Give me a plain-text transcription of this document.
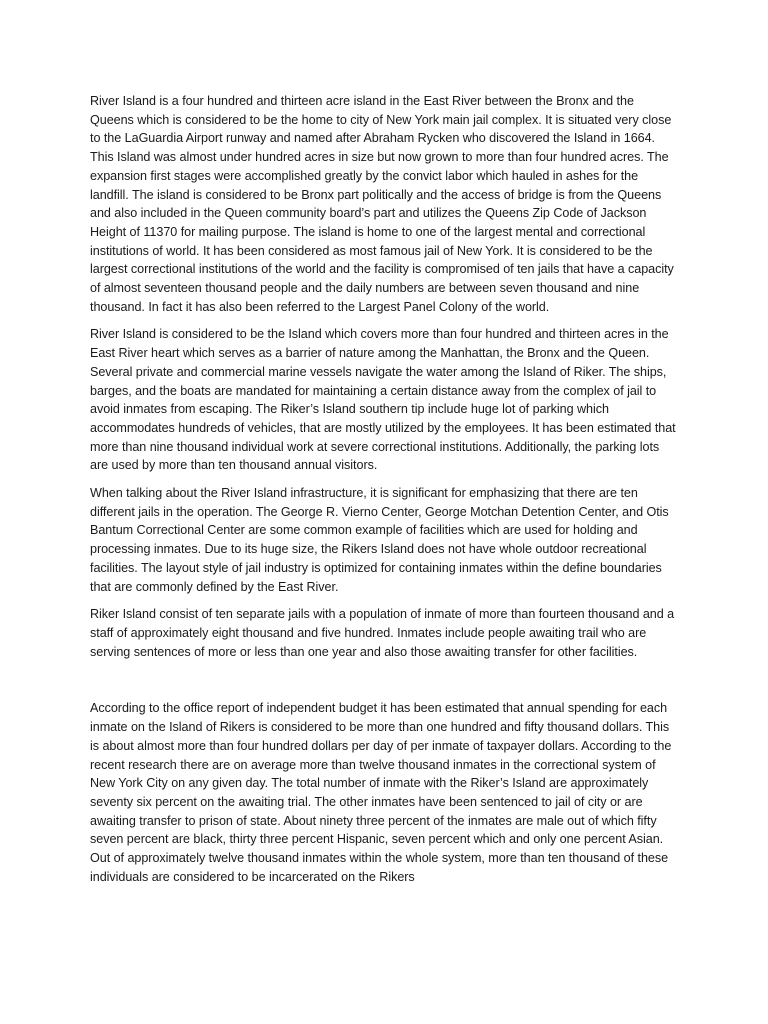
River Island is a four hundred and thirteen acre island in the East River between the Bronx and the Queens which is considered to be the home to city of New York main jail complex. It is situated very close to the LaGuardia Airport runway and named after Abraham Rycken who discovered the Island in 1664. This Island was almost under hundred acres in size but now grown to more than four hundred acres. The expansion first stages were accomplished greatly by the convict labor which hauled in ashes for the landfill. The island is considered to be Bronx part politically and the access of bridge is from the Queens and also included in the Queen community board’s part and utilizes the Queens Zip Code of Jackson Height of 11370 for mailing purpose. The island is home to one of the largest mental and correctional institutions of world. It has been considered as most famous jail of New York. It is considered to be the largest correctional institutions of the world and the facility is compromised of ten jails that have a capacity of almost seventeen thousand people and the daily numbers are between seven thousand and nine thousand. In fact it has also been referred to the Largest Panel Colony of the world.

River Island is considered to be the Island which covers more than four hundred and thirteen acres in the East River heart which serves as a barrier of nature among the Manhattan, the Bronx and the Queen. Several private and commercial marine vessels navigate the water among the Island of Riker. The ships, barges, and the boats are mandated for maintaining a certain distance away from the complex of jail to avoid inmates from escaping. The Riker’s Island southern tip include huge lot of parking which accommodates hundreds of vehicles, that are mostly utilized by the employees. It has been estimated that more than nine thousand individual work at severe correctional institutions. Additionally, the parking lots are used by more than ten thousand annual visitors.

When talking about the River Island infrastructure, it is significant for emphasizing that there are ten different jails in the operation. The George R. Vierno Center, George Motchan Detention Center, and Otis Bantum Correctional Center are some common example of facilities which are used for holding and processing inmates. Due to its huge size, the Rikers Island does not have whole outdoor recreational facilities. The layout style of jail industry is optimized for containing inmates within the define boundaries that are commonly defined by the East River.

Riker Island consist of ten separate jails with a population of inmate of more than fourteen thousand and a staff of approximately eight thousand and five hundred. Inmates include people awaiting trail who are serving sentences of more or less than one year and also those awaiting transfer for other facilities.

According to the office report of independent budget it has been estimated that annual spending for each inmate on the Island of Rikers is considered to be more than one hundred and fifty thousand dollars. This is about almost more than four hundred dollars per day of per inmate of taxpayer dollars. According to the recent research there are on average more than twelve thousand inmates in the correctional system of New York City on any given day. The total number of inmate with the Riker’s Island are approximately seventy six percent on the awaiting trial. The other inmates have been sentenced to jail of city or are awaiting transfer to prison of state. About ninety three percent of the inmates are male out of which fifty seven percent are black, thirty three percent Hispanic, seven percent which and only one percent Asian. Out of approximately twelve thousand inmates within the whole system, more than ten thousand of these individuals are considered to be incarcerated on the Rikers
